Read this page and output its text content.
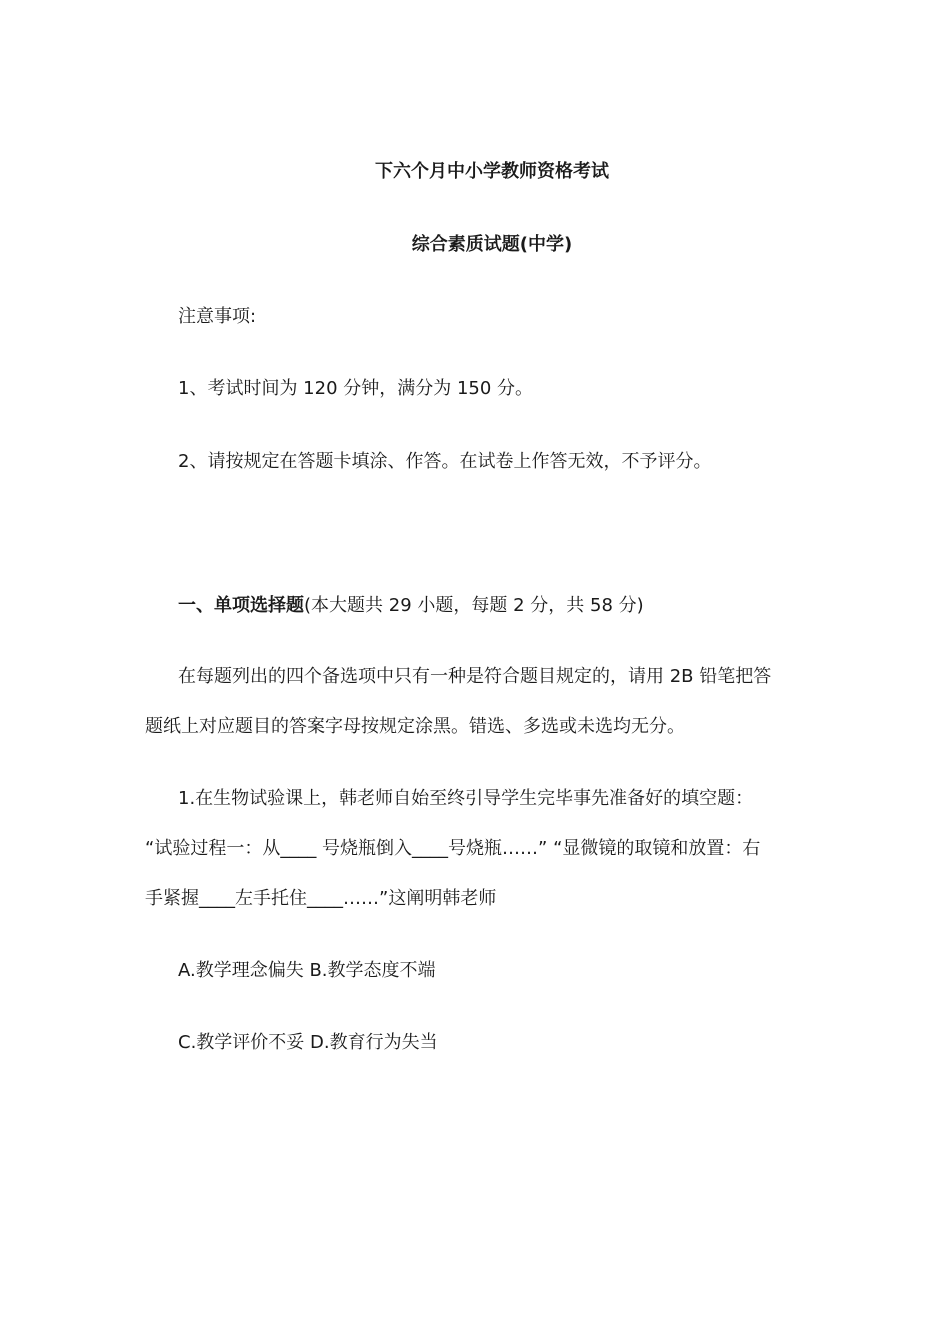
下六个月中小学教师资格考试
综合素质试题(中学)
注意事项:
1、考试时间为 120 分钟，满分为 150 分。
2、请按规定在答题卡填涂、作答。在试卷上作答无效，不予评分。
一、单项选择题(本大题共 29 小题，每题 2 分，共 58 分)
在每题列出的四个备选项中只有一种是符合题目规定的，请用 2B 铅笔把答
题纸上对应题目的答案字母按规定涂黑。错选、多选或未选均无分。
1.在生物试验课上，韩老师自始至终引导学生完毕事先准备好的填空题：
“试验过程一：从____ 号烧瓶倒入____号烧瓶……” “显微镜的取镜和放置：右
手紧握____左手托住____……”这阐明韩老师
A.教学理念偏失 B.教学态度不端
C.教学评价不妥 D.教育行为失当
